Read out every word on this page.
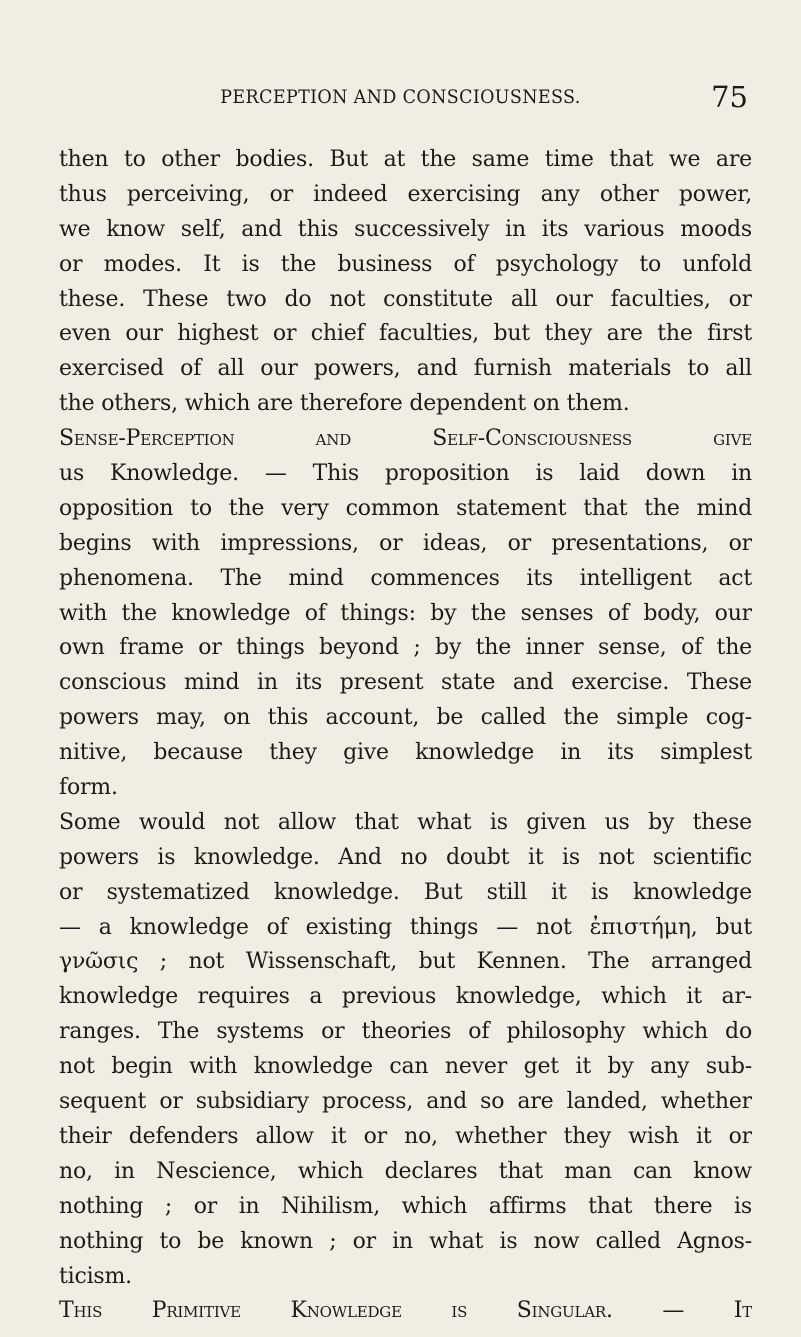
PERCEPTION AND CONSCIOUSNESS.	75
then to other bodies. But at the same time that we are
thus perceiving, or indeed exercising any other power,
we know self, and this successively in its various moods
or modes. It is the business of psychology to unfold
these. These two do not constitute all our faculties, or
even our highest or chief faculties, but they are the first
exercised of all our powers, and furnish materials to all
the others, which are therefore dependent on them.
Sense-Perception and Self-Consciousness give
us Knowledge. — This proposition is laid down in
opposition to the very common statement that the mind
begins with impressions, or ideas, or presentations, or
phenomena. The mind commences its intelligent act
with the knowledge of things: by the senses of body, our
own frame or things beyond ; by the inner sense, of the
conscious mind in its present state and exercise. These
powers may, on this account, be called the simple cog-
nitive, because they give knowledge in its simplest
form.
Some would not allow that what is given us by these
powers is knowledge. And no doubt it is not scientific
or systematized knowledge. But still it is knowledge
— a knowledge of existing things — not ἐπιστήμη, but
γνῶσις ; not Wissenschaft, but Kennen. The arranged
knowledge requires a previous knowledge, which it ar-
ranges. The systems or theories of philosophy which do
not begin with knowledge can never get it by any sub-
sequent or subsidiary process, and so are landed, whether
their defenders allow it or no, whether they wish it or
no, in Nescience, which declares that man can know
nothing ; or in Nihilism, which affirms that there is
nothing to be known ; or in what is now called Agnos-
ticism.
This Primitive Knowledge is Singular. — It
